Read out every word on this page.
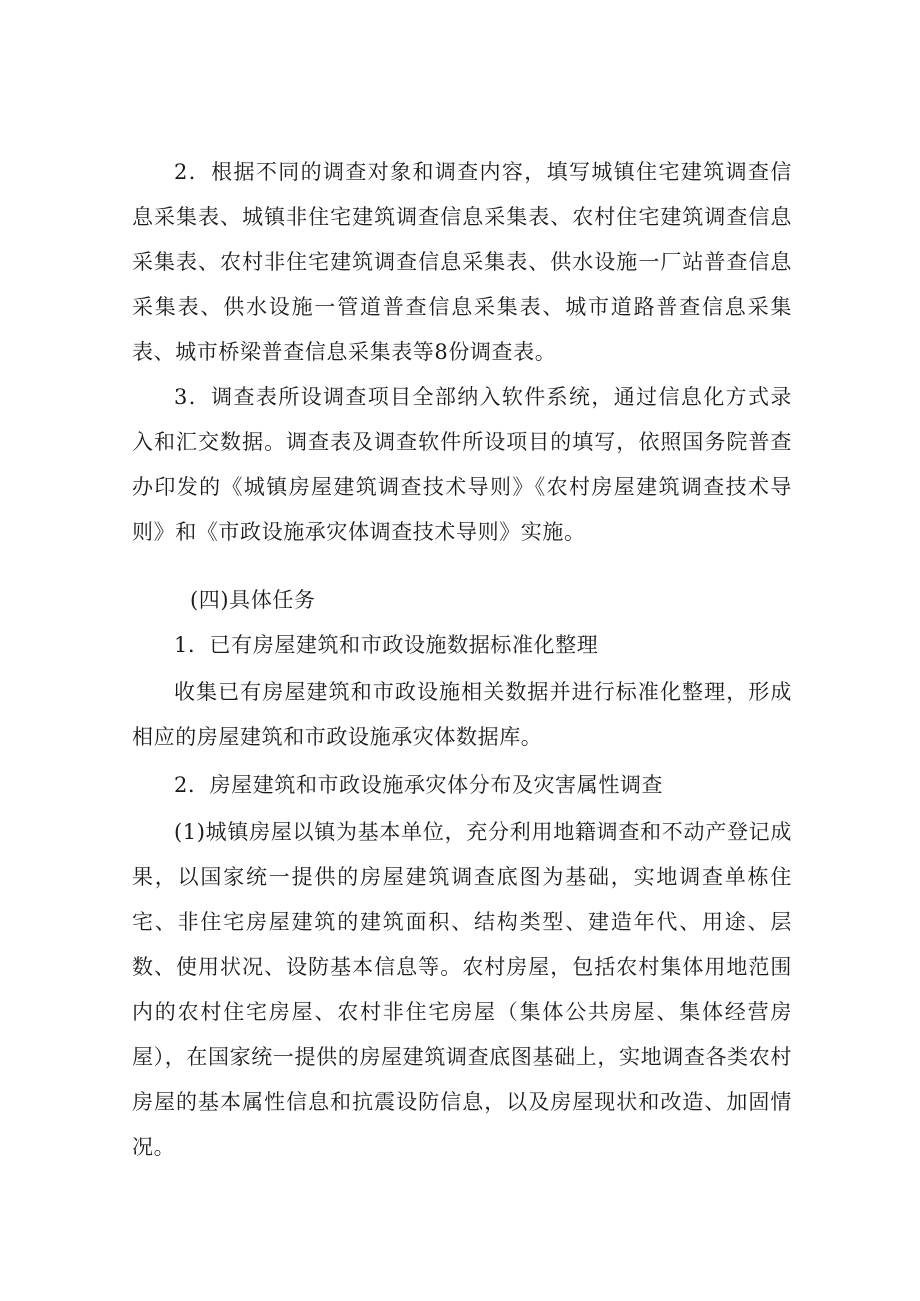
2．根据不同的调查对象和调查内容，填写城镇住宅建筑调查信息采集表、城镇非住宅建筑调查信息采集表、农村住宅建筑调查信息采集表、农村非住宅建筑调查信息采集表、供水设施一厂站普查信息采集表、供水设施一管道普查信息采集表、城市道路普查信息采集表、城市桥梁普查信息采集表等8份调查表。

3．调查表所设调查项目全部纳入软件系统，通过信息化方式录入和汇交数据。调查表及调查软件所设项目的填写，依照国务院普查办印发的《城镇房屋建筑调查技术导则》《农村房屋建筑调查技术导则》和《市政设施承灾体调查技术导则》实施。

(四)具体任务

1．已有房屋建筑和市政设施数据标准化整理

收集已有房屋建筑和市政设施相关数据并进行标准化整理，形成相应的房屋建筑和市政设施承灾体数据库。

2．房屋建筑和市政设施承灾体分布及灾害属性调查

(1)城镇房屋以镇为基本单位，充分利用地籍调查和不动产登记成果，以国家统一提供的房屋建筑调查底图为基础，实地调查单栋住宅、非住宅房屋建筑的建筑面积、结构类型、建造年代、用途、层数、使用状况、设防基本信息等。农村房屋，包括农村集体用地范围内的农村住宅房屋、农村非住宅房屋（集体公共房屋、集体经营房屋），在国家统一提供的房屋建筑调查底图基础上，实地调查各类农村房屋的基本属性信息和抗震设防信息，以及房屋现状和改造、加固情况。
